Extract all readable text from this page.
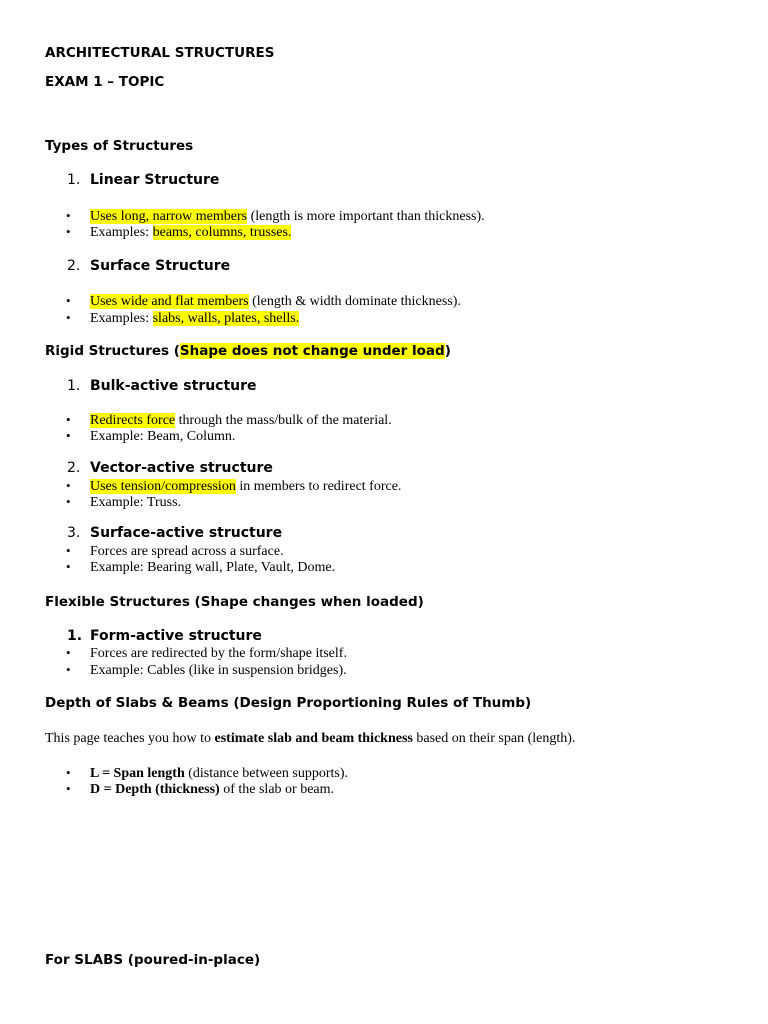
ARCHITECTURAL STRUCTURES
EXAM 1 – TOPIC
Types of Structures
1. Linear Structure
• Uses long, narrow members (length is more important than thickness).
• Examples: beams, columns, trusses.
2. Surface Structure
• Uses wide and flat members (length & width dominate thickness).
• Examples: slabs, walls, plates, shells.
Rigid Structures (Shape does not change under load)
1. Bulk-active structure
• Redirects force through the mass/bulk of the material.
• Example: Beam, Column.
2. Vector-active structure
• Uses tension/compression in members to redirect force.
• Example: Truss.
3. Surface-active structure
• Forces are spread across a surface.
• Example: Bearing wall, Plate, Vault, Dome.
Flexible Structures (Shape changes when loaded)
1. Form-active structure
• Forces are redirected by the form/shape itself.
• Example: Cables (like in suspension bridges).
Depth of Slabs & Beams (Design Proportioning Rules of Thumb)
This page teaches you how to estimate slab and beam thickness based on their span (length).
• L = Span length (distance between supports).
• D = Depth (thickness) of the slab or beam.
For SLABS (poured-in-place)
